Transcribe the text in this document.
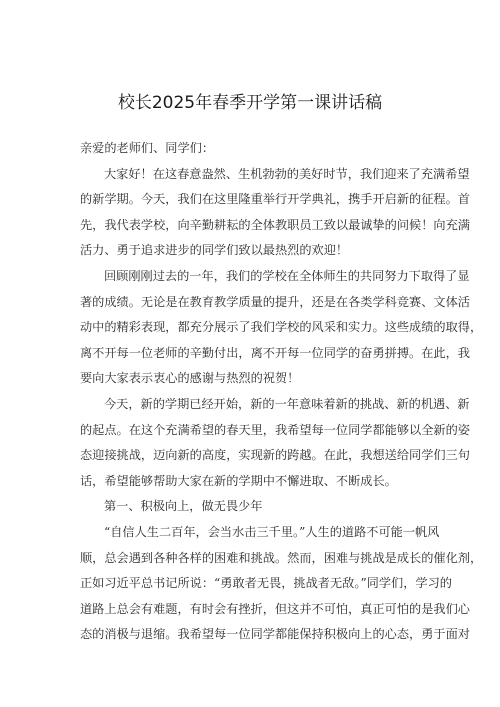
校长2025年春季开学第一课讲话稿
亲爱的老师们、同学们：
大家好！在这春意盎然、生机勃勃的美好时节，我们迎来了充满希望
的新学期。今天，我们在这里隆重举行开学典礼，携手开启新的征程。首
先，我代表学校，向辛勤耕耘的全体教职员工致以最诚挚的问候！向充满
活力、勇于追求进步的同学们致以最热烈的欢迎！
回顾刚刚过去的一年，我们的学校在全体师生的共同努力下取得了显
著的成绩。无论是在教育教学质量的提升，还是在各类学科竞赛、文体活
动中的精彩表现，都充分展示了我们学校的风采和实力。这些成绩的取得，
离不开每一位老师的辛勤付出，离不开每一位同学的奋勇拼搏。在此，我
要向大家表示衷心的感谢与热烈的祝贺！
今天，新的学期已经开始，新的一年意味着新的挑战、新的机遇、新
的起点。在这个充满希望的春天里，我希望每一位同学都能够以全新的姿
态迎接挑战，迈向新的高度，实现新的跨越。在此，我想送给同学们三句
话，希望能够帮助大家在新的学期中不懈进取、不断成长。
第一、积极向上，做无畏少年
“自信人生二百年，会当水击三千里。”人生的道路不可能一帆风
顺，总会遇到各种各样的困难和挑战。然而，困难与挑战是成长的催化剂，
正如习近平总书记所说：“勇敢者无畏，挑战者无敌。”同学们，学习的
道路上总会有难题，有时会有挫折，但这并不可怕，真正可怕的是我们心
态的消极与退缩。我希望每一位同学都能保持积极向上的心态，勇于面对
